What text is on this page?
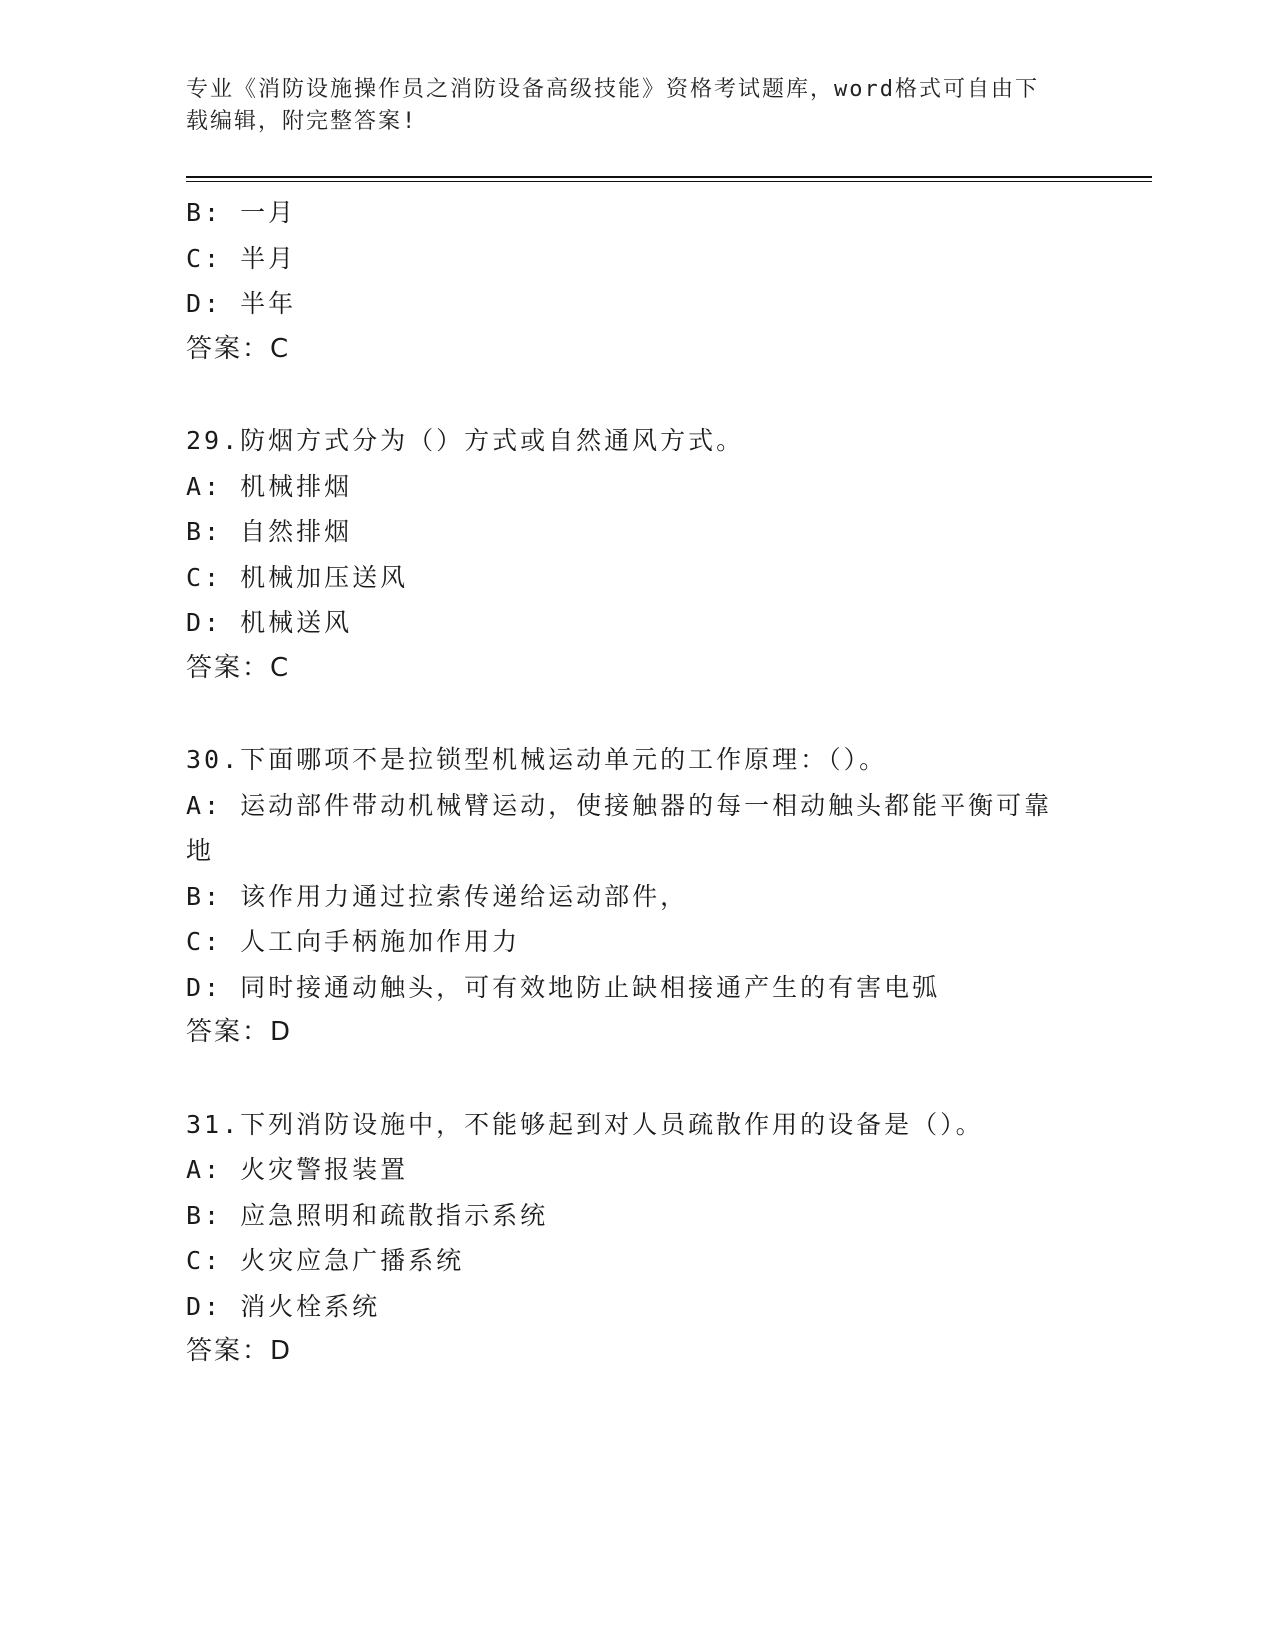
专业《消防设施操作员之消防设备高级技能》资格考试题库，word格式可自由下
载编辑，附完整答案!
B: 一月
C: 半月
D: 半年
答案：C
29.防烟方式分为（）方式或自然通风方式。
A: 机械排烟
B: 自然排烟
C: 机械加压送风
D: 机械送风
答案：C
30.下面哪项不是拉锁型机械运动单元的工作原理：（）。
A: 运动部件带动机械臂运动，使接触器的每一相动触头都能平衡可靠地
B: 该作用力通过拉索传递给运动部件，
C: 人工向手柄施加作用力
D: 同时接通动触头，可有效地防止缺相接通产生的有害电弧
答案：D
31.下列消防设施中，不能够起到对人员疏散作用的设备是（）。
A: 火灾警报装置
B: 应急照明和疏散指示系统
C: 火灾应急广播系统
D: 消火栓系统
答案：D
